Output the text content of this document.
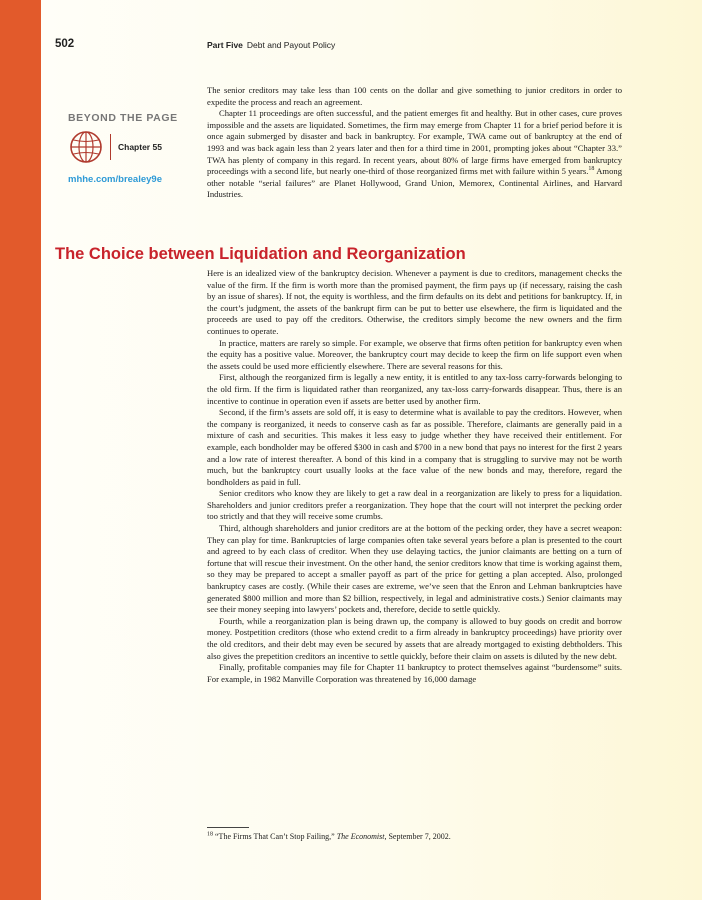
502	Part Five Debt and Payout Policy
BEYOND THE PAGE
Chapter 55
mhhe.com/brealey9e

The senior creditors may take less than 100 cents on the dollar and give something to junior creditors in order to expedite the process and reach an agreement.

Chapter 11 proceedings are often successful, and the patient emerges fit and healthy. But in other cases, cure proves impossible and the assets are liquidated. Sometimes, the firm may emerge from Chapter 11 for a brief period before it is once again submerged by disaster and back in bankruptcy. For example, TWA came out of bankruptcy at the end of 1993 and was back again less than 2 years later and then for a third time in 2001, prompting jokes about “Chapter 33.” TWA has plenty of company in this regard. In recent years, about 80% of large firms have emerged from bankruptcy proceedings with a second life, but nearly one-third of those reorganized firms met with failure within 5 years.$^{18}$ Among other notable “serial failures” are Planet Hollywood, Grand Union, Memorex, Continental Airlines, and Harvard Industries.

The Choice between Liquidation and Reorganization

Here is an idealized view of the bankruptcy decision. Whenever a payment is due to creditors, management checks the value of the firm. If the firm is worth more than the promised payment, the firm pays up (if necessary, raising the cash by an issue of shares). If not, the equity is worthless, and the firm defaults on its debt and petitions for bankruptcy. If, in the court’s judgment, the assets of the bankrupt firm can be put to better use elsewhere, the firm is liquidated and the proceeds are used to pay off the creditors. Otherwise, the creditors simply become the new owners and the firm continues to operate.

In practice, matters are rarely so simple. For example, we observe that firms often petition for bankruptcy even when the equity has a positive value. Moreover, the bankruptcy court may decide to keep the firm on life support even when the assets could be used more efficiently elsewhere. There are several reasons for this.

First, although the reorganized firm is legally a new entity, it is entitled to any tax-loss carry-forwards belonging to the old firm. If the firm is liquidated rather than reorganized, any tax-loss carry-forwards disappear. Thus, there is an incentive to continue in operation even if assets are better used by another firm.

Second, if the firm’s assets are sold off, it is easy to determine what is available to pay the creditors. However, when the company is reorganized, it needs to conserve cash as far as possible. Therefore, claimants are generally paid in a mixture of cash and securities. This makes it less easy to judge whether they have received their entitlement. For example, each bondholder may be offered $300 in cash and $700 in a new bond that pays no interest for the first 2 years and a low rate of interest thereafter. A bond of this kind in a company that is struggling to survive may not be worth much, but the bankruptcy court usually looks at the face value of the new bonds and may, therefore, regard the bondholders as paid in full.

Senior creditors who know they are likely to get a raw deal in a reorganization are likely to press for a liquidation. Shareholders and junior creditors prefer a reorganization. They hope that the court will not interpret the pecking order too strictly and that they will receive some crumbs.

Third, although shareholders and junior creditors are at the bottom of the pecking order, they have a secret weapon: They can play for time. Bankruptcies of large companies often take several years before a plan is presented to the court and agreed to by each class of creditor. When they use delaying tactics, the junior claimants are betting on a turn of fortune that will rescue their investment. On the other hand, the senior creditors know that time is working against them, so they may be prepared to accept a smaller payoff as part of the price for getting a plan accepted. Also, prolonged bankruptcy cases are costly. (While their cases are extreme, we’ve seen that the Enron and Lehman bankruptcies have generated $800 million and more than $2 billion, respectively, in legal and administrative costs.) Senior claimants may see their money seeping into lawyers’ pockets and, therefore, decide to settle quickly.

Fourth, while a reorganization plan is being drawn up, the company is allowed to buy goods on credit and borrow money. Postpetition creditors (those who extend credit to a firm already in bankruptcy proceedings) have priority over the old creditors, and their debt may even be secured by assets that are already mortgaged to existing debtholders. This also gives the prepetition creditors an incentive to settle quickly, before their claim on assets is diluted by the new debt.

Finally, profitable companies may file for Chapter 11 bankruptcy to protect themselves against “burdensome” suits. For example, in 1982 Manville Corporation was threatened by 16,000 damage

$^{18}$ “The Firms That Can’t Stop Failing,” The Economist, September 7, 2002.
